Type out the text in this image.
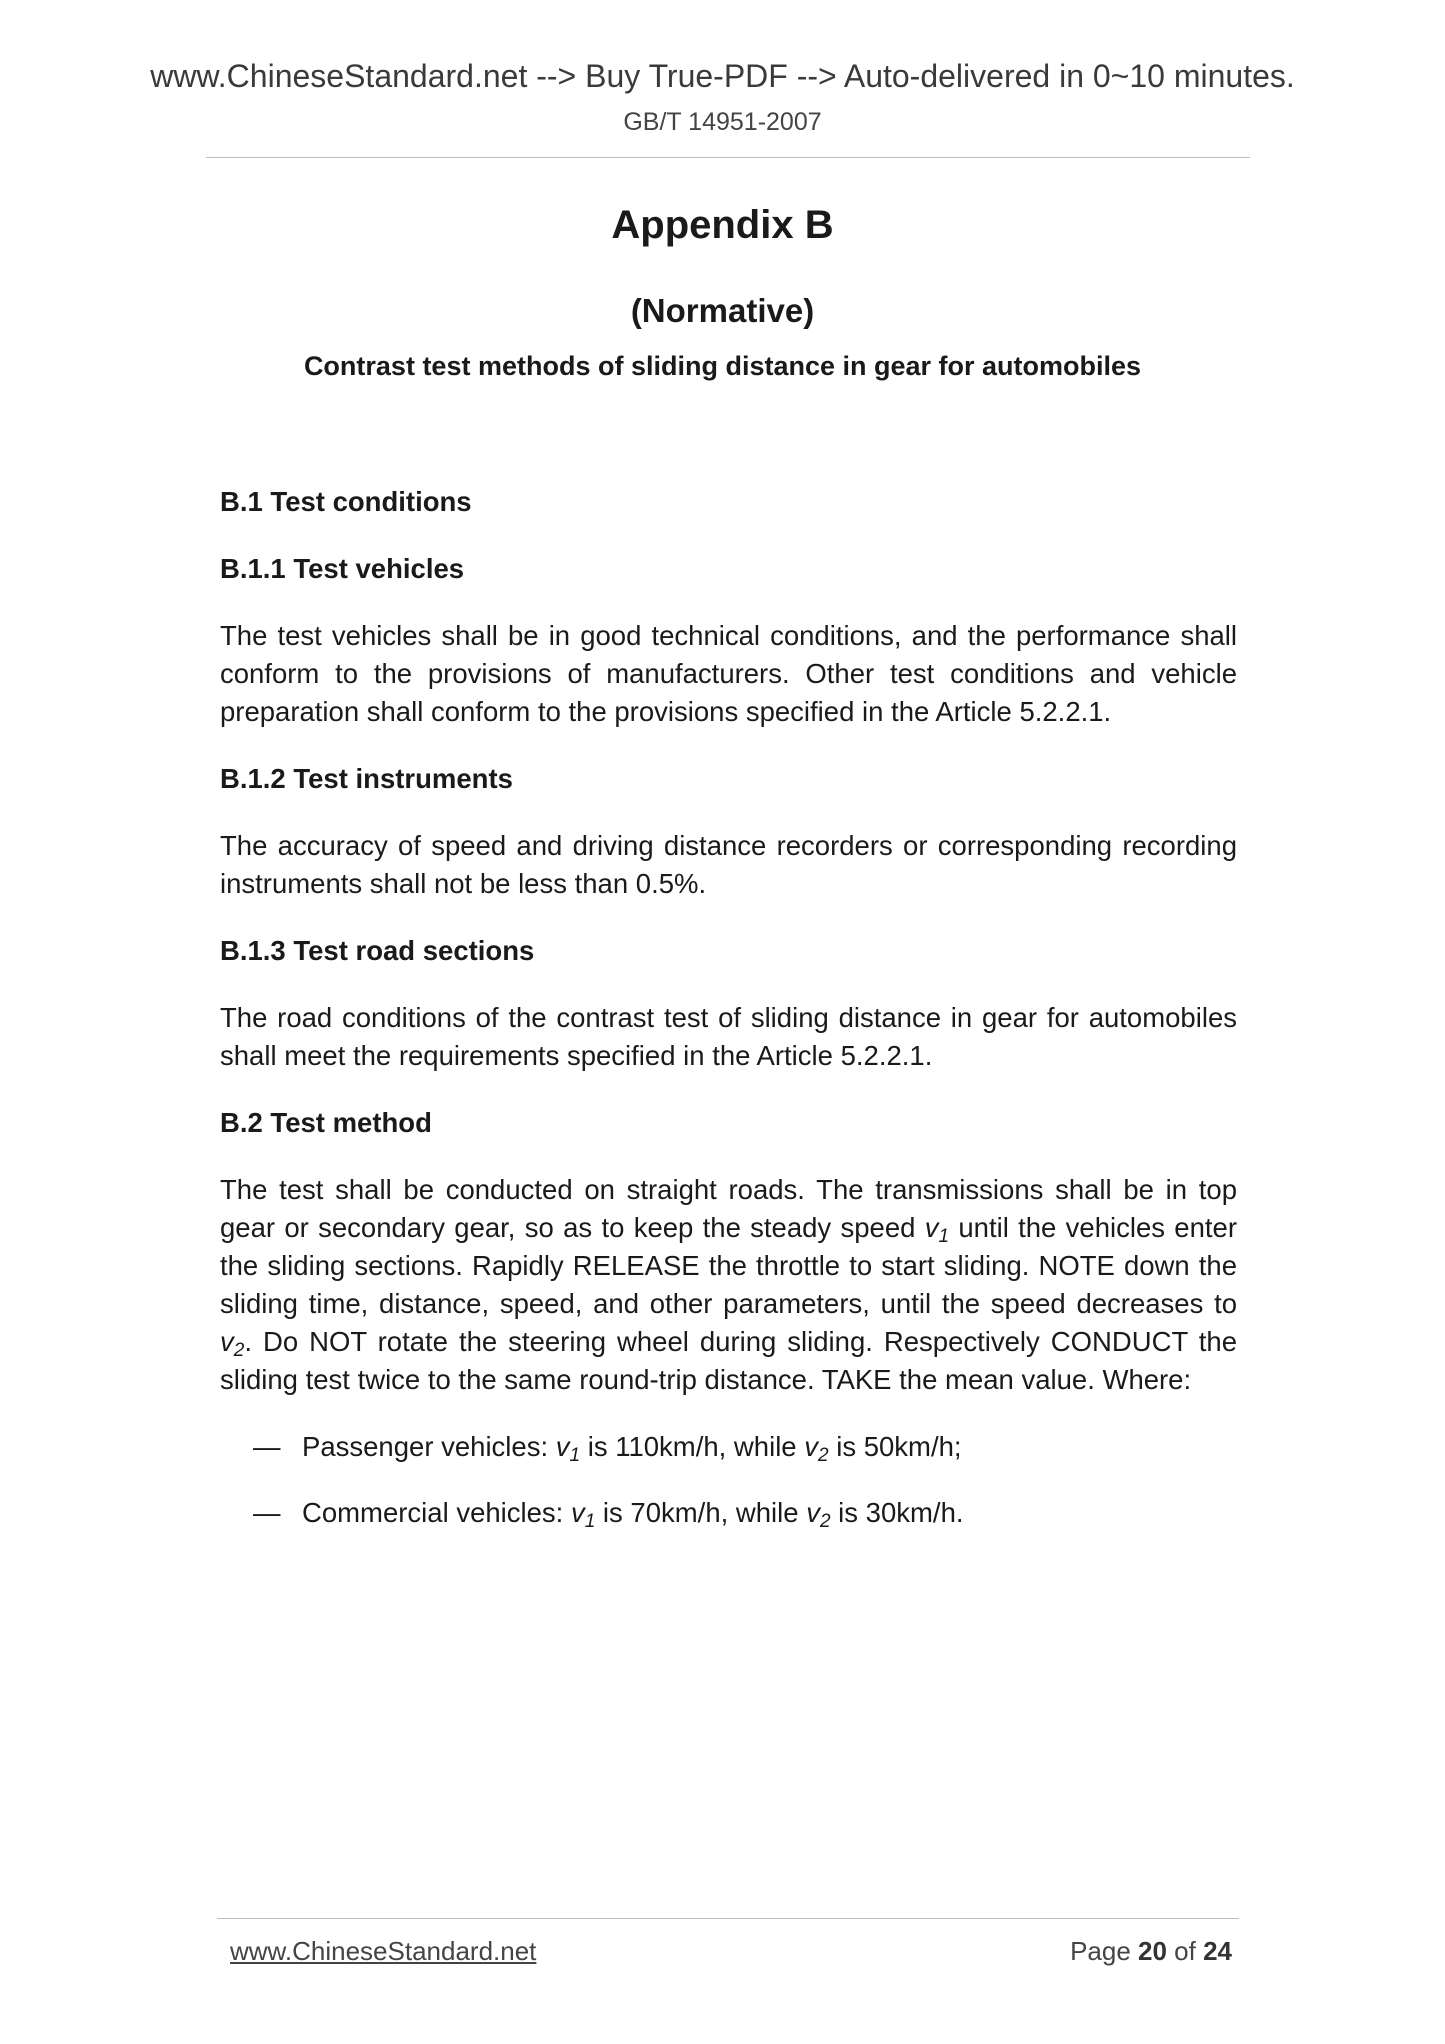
www.ChineseStandard.net --> Buy True-PDF --> Auto-delivered in 0~10 minutes.
GB/T 14951-2007
Appendix B
(Normative)
Contrast test methods of sliding distance in gear for automobiles
B.1 Test conditions
B.1.1 Test vehicles
The test vehicles shall be in good technical conditions, and the performance shall conform to the provisions of manufacturers. Other test conditions and vehicle preparation shall conform to the provisions specified in the Article 5.2.2.1.
B.1.2 Test instruments
The accuracy of speed and driving distance recorders or corresponding recording instruments shall not be less than 0.5%.
B.1.3 Test road sections
The road conditions of the contrast test of sliding distance in gear for automobiles shall meet the requirements specified in the Article 5.2.2.1.
B.2 Test method
The test shall be conducted on straight roads. The transmissions shall be in top gear or secondary gear, so as to keep the steady speed $v_1$ until the vehicles enter the sliding sections. Rapidly RELEASE the throttle to start sliding. NOTE down the sliding time, distance, speed, and other parameters, until the speed decreases to $v_2$. Do NOT rotate the steering wheel during sliding. Respectively CONDUCT the sliding test twice to the same round-trip distance. TAKE the mean value. Where:
— Passenger vehicles: $v_1$ is 110km/h, while $v_2$ is 50km/h;
— Commercial vehicles: $v_1$ is 70km/h, while $v_2$ is 30km/h.
www.ChineseStandard.net	Page 20 of 24
